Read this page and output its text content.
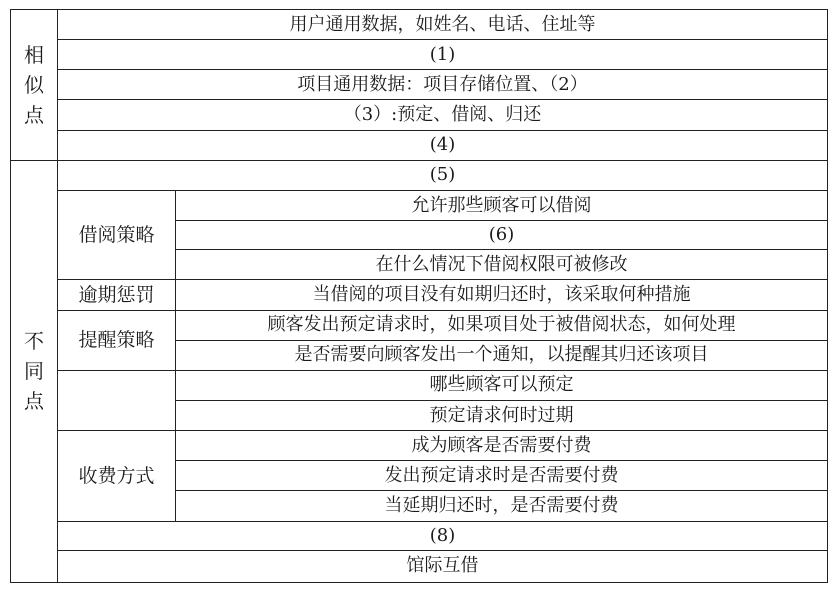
相似点	用户通用数据，如姓名、电话、住址等	
	(1)	
	项目通用数据：项目存储位置、（2）	
	（3）:预定、借阅、归还	
	(4)	
不同点	(5)	
	借阅策略	允许那些顾客可以借阅
		(6)
		在什么情况下借阅权限可被修改
	逾期惩罚	当借阅的项目没有如期归还时，该采取何种措施
	提醒策略	顾客发出预定请求时，如果项目处于被借阅状态，如何处理
		是否需要向顾客发出一个通知，以提醒其归还该项目
		哪些顾客可以预定
		预定请求何时过期
	收费方式	成为顾客是否需要付费
		发出预定请求时是否需要付费
		当延期归还时，是否需要付费
	(8)	
	馆际互借	
